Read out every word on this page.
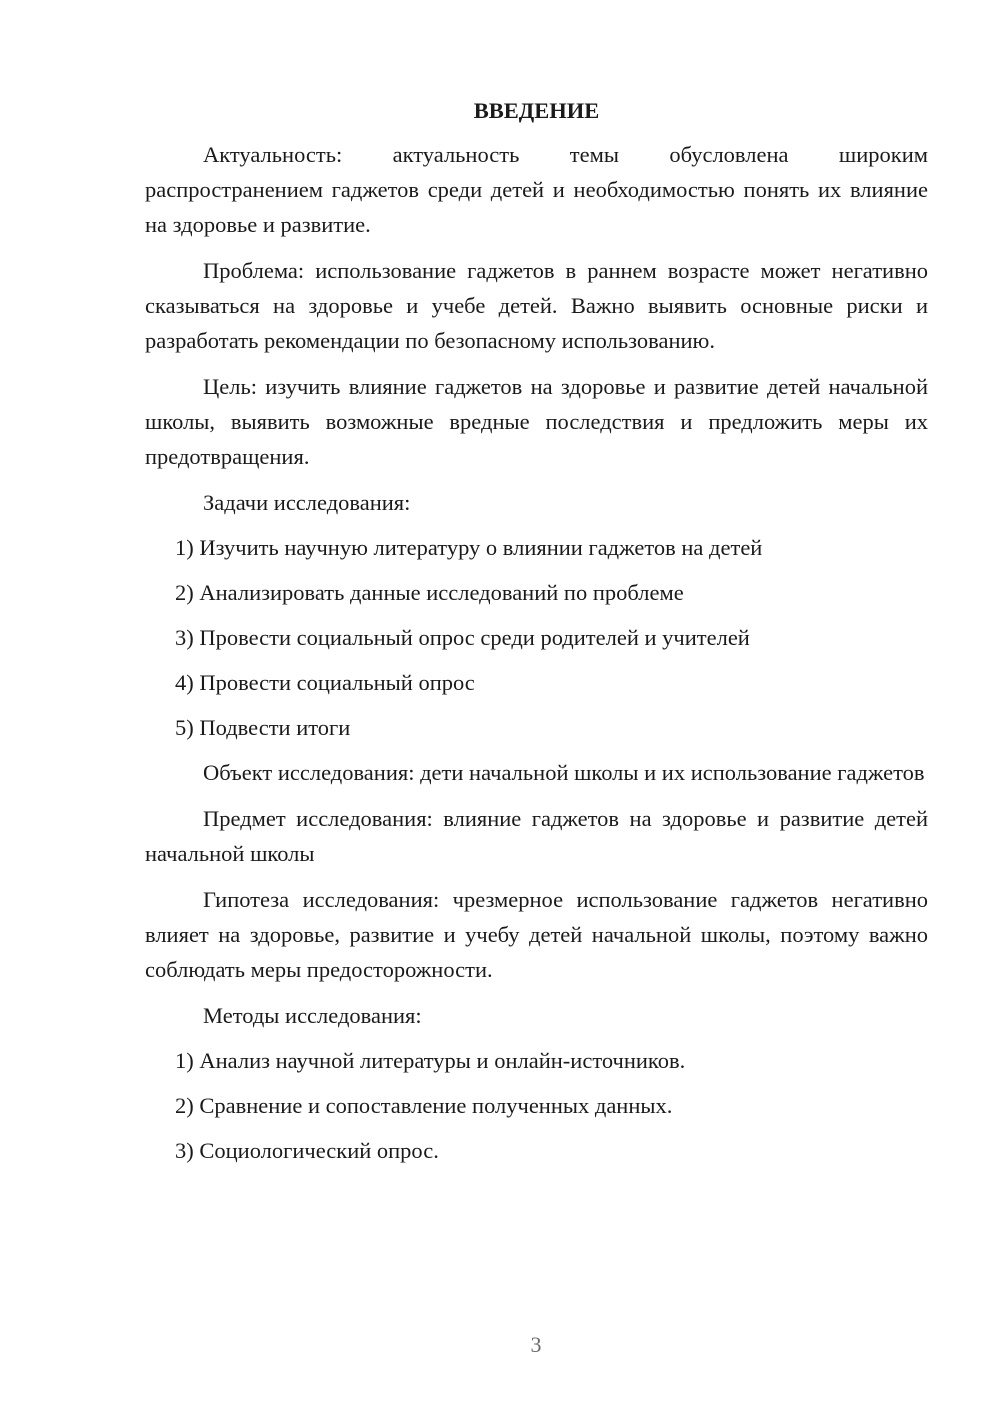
ВВЕДЕНИЕ

Актуальность: актуальность темы обусловлена широким распространением гаджетов среди детей и необходимостью понять их влияние на здоровье и развитие.

Проблема: использование гаджетов в раннем возрасте может негативно сказываться на здоровье и учебе детей. Важно выявить основные риски и разработать рекомендации по безопасному использованию.

Цель: изучить влияние гаджетов на здоровье и развитие детей начальной школы, выявить возможные вредные последствия и предложить меры их предотвращения.

Задачи исследования:

1) Изучить научную литературу о влиянии гаджетов на детей
2) Анализировать данные исследований по проблеме
3) Провести социальный опрос среди родителей и учителей
4) Провести социальный опрос
5) Подвести итоги

Объект исследования: дети начальной школы и их использование гаджетов

Предмет исследования: влияние гаджетов на здоровье и развитие детей начальной школы

Гипотеза исследования: чрезмерное использование гаджетов негативно влияет на здоровье, развитие и учебу детей начальной школы, поэтому важно соблюдать меры предосторожности.

Методы исследования:

1) Анализ научной литературы и онлайн-источников.
2) Сравнение и сопоставление полученных данных.
3) Социологический опрос.
3
